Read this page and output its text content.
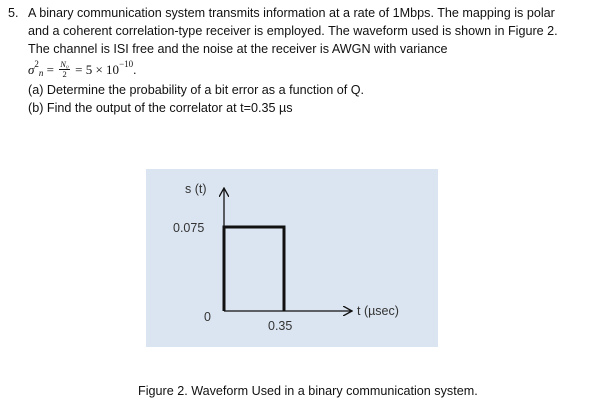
5. A binary communication system transmits information at a rate of 1Mbps. The mapping is polar
and a coherent correlation-type receiver is employed. The waveform used is shown in Figure 2.
The channel is ISI free and the noise at the receiver is AWGN with variance
σ 2
$n = \frac{\text{N₀}}{2} = 5 \times 10 -10$ .
(a) Determine the probability of a bit error as a function of Q.
(b) Find the output of the correlator at t=0.35 µs
s (t)
0.075
0
0.35
t (µsec)
Figure 2. Waveform Used in a binary communication system.
